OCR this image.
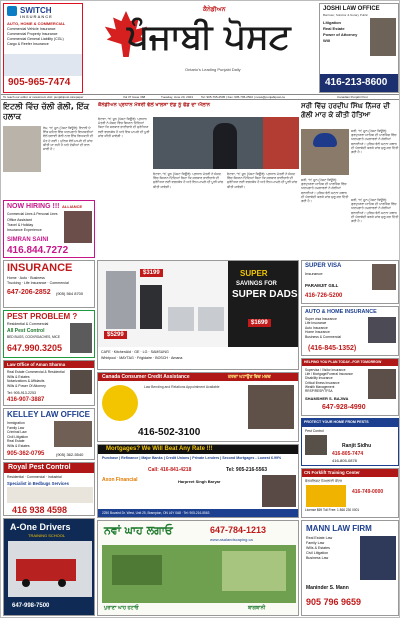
SWITCH
INSURANCE
AUTO, HOME & COMMERCIAL
Commercial Vehicle Insurance
Commercial Property Insurance
Commercial General Liability (CGL)
Cargo & Reefer Insurance
905-965-7474
ਕੈਨੇਡੀਅਨ
ਪੰਜਾਬੀ ਪੋਸਟ
Ontario's Leading Punjabi Daily
JOSHI LAW OFFICE
Barrister, Solicitor & Notary Public
Litigation
Real Estate
Power of Attorney
Will
416-213-8600
To reach our editor or newsroom visit: punjabipost.ca/epaper	Vol 37 Issue 368	Tuesday, June 20, 2023	Tel: 905-795-2505 | Fax: 905-795-2502 | news@punjabipost.ca	Canadian Punjabi Post
ਇਟਲੀ ਵਿੱਚ ਚੱਲੀ ਗੋਲੀ, ਇੱਕ ਹਲਾਕ
ਰੋਮ, ੧੯ ਜੂਨ (ਪੋਸਟ ਬਿਊਰੋ): ਇਟਲੀ ਦੇ ਇੱਕ ਸ਼ਹਿਰ ਵਿੱਚ ਅਣਪਛਾਤੇ ਵਿਅਕਤੀਆਂ ਵੱਲੋਂ ਚਲਾਈ ਗੋਲੀ ਨਾਲ ਇੱਕ ਵਿਅਕਤੀ ਦੀ ਮੌਤ ਹੋ ਗਈ। ਪੁਲਿਸ ਵੱਲੋਂ ਮਾਮਲੇ ਦੀ ਜਾਂਚ ਕੀਤੀ ਜਾ ਰਹੀ ਹੈ ਅਤੇ ਦੋਸ਼ੀਆਂ ਦੀ ਭਾਲ ਜਾਰੀ ਹੈ।
ਕੈਨੇਡੀਅਨ ਪ੍ਰਧਾਨ ਮੰਤਰੀ ਵੱਲੋਂ ਖਾਲਸਾ ਏਡ ਨੂੰ ਫੰਡ ਦਾ ਐਲਾਨ
ਓਟਵਾ, ੧੯ ਜੂਨ (ਪੋਸਟ ਬਿਊਰੋ): ਪ੍ਰਧਾਨ ਮੰਤਰੀ ਨੇ ਸੰਸਦ ਵਿੱਚ ਬਿਆਨ ਦਿੰਦਿਆਂ ਕਿਹਾ ਕਿ ਸਰਕਾਰ ਭਾਈਚਾਰੇ ਦੀ ਸੁਰੱਖਿਆ ਲਈ ਵਚਨਬੱਧ ਹੈ ਅਤੇ ਇਸ ਮਾਮਲੇ ਦੀ ਪੂਰੀ ਜਾਂਚ ਕੀਤੀ ਜਾਵੇਗੀ।
ਓਟਵਾ, ੧੯ ਜੂਨ (ਪੋਸਟ ਬਿਊਰੋ): ਪ੍ਰਧਾਨ ਮੰਤਰੀ ਨੇ ਸੰਸਦ ਵਿੱਚ ਬਿਆਨ ਦਿੰਦਿਆਂ ਕਿਹਾ ਕਿ ਸਰਕਾਰ ਭਾਈਚਾਰੇ ਦੀ ਸੁਰੱਖਿਆ ਲਈ ਵਚਨਬੱਧ ਹੈ ਅਤੇ ਇਸ ਮਾਮਲੇ ਦੀ ਪੂਰੀ ਜਾਂਚ ਕੀਤੀ ਜਾਵੇਗੀ।
ਓਟਵਾ, ੧੯ ਜੂਨ (ਪੋਸਟ ਬਿਊਰੋ): ਪ੍ਰਧਾਨ ਮੰਤਰੀ ਨੇ ਸੰਸਦ ਵਿੱਚ ਬਿਆਨ ਦਿੰਦਿਆਂ ਕਿਹਾ ਕਿ ਸਰਕਾਰ ਭਾਈਚਾਰੇ ਦੀ ਸੁਰੱਖਿਆ ਲਈ ਵਚਨਬੱਧ ਹੈ ਅਤੇ ਇਸ ਮਾਮਲੇ ਦੀ ਪੂਰੀ ਜਾਂਚ ਕੀਤੀ ਜਾਵੇਗੀ।
ਸਰੀ ਵਿੱਚ ਹਰਦੀਪ ਸਿੰਘ ਨਿੱਜਰ ਦੀ ਗੋਲੀ ਮਾਰ ਕੇ ਕੀਤੀ ਹੱਤਿਆ
ਸਰੀ, ੧੯ ਜੂਨ (ਪੋਸਟ ਬਿਊਰੋ): ਗੁਰਦੁਆਰਾ ਸਾਹਿਬ ਦੀ ਪਾਰਕਿੰਗ ਵਿੱਚ ਅਣਪਛਾਤੇ ਹਮਲਾਵਰਾਂ ਨੇ ਗੋਲੀਆਂ ਚਲਾਈਆਂ। ਪੁਲਿਸ ਵੱਲੋਂ ਘਟਨਾ ਸਥਾਨ ਦੀ ਘੇਰਾਬੰਦੀ ਕਰਕੇ ਜਾਂਚ ਸ਼ੁਰੂ ਕਰ ਦਿੱਤੀ ਗਈ ਹੈ।
ਸਰੀ, ੧੯ ਜੂਨ (ਪੋਸਟ ਬਿਊਰੋ): ਗੁਰਦੁਆਰਾ ਸਾਹਿਬ ਦੀ ਪਾਰਕਿੰਗ ਵਿੱਚ ਅਣਪਛਾਤੇ ਹਮਲਾਵਰਾਂ ਨੇ ਗੋਲੀਆਂ ਚਲਾਈਆਂ। ਪੁਲਿਸ ਵੱਲੋਂ ਘਟਨਾ ਸਥਾਨ ਦੀ ਘੇਰਾਬੰਦੀ ਕਰਕੇ ਜਾਂਚ ਸ਼ੁਰੂ ਕਰ ਦਿੱਤੀ ਗਈ ਹੈ।	ਸਰੀ, ੧੯ ਜੂਨ (ਪੋਸਟ ਬਿਊਰੋ): ਗੁਰਦੁਆਰਾ ਸਾਹਿਬ ਦੀ ਪਾਰਕਿੰਗ ਵਿੱਚ ਅਣਪਛਾਤੇ ਹਮਲਾਵਰਾਂ ਨੇ ਗੋਲੀਆਂ ਚਲਾਈਆਂ। ਪੁਲਿਸ ਵੱਲੋਂ ਘਟਨਾ ਸਥਾਨ ਦੀ ਘੇਰਾਬੰਦੀ ਕਰਕੇ ਜਾਂਚ ਸ਼ੁਰੂ ਕਰ ਦਿੱਤੀ ਗਈ ਹੈ।
NOW HIRING !!! ALLIANCE
Commercial Lines & Personal Lines
Office Assistant
Travel & Holiday
Insurance Experience
SIMRAN SAINI
416.844.7272
INSURANCE
Home · Auto · Business
Trucking · Life Insurance · Commercial
647-206-2852 (905) 564 8700
PEST PROBLEM ?
Residential & Commercial
All Pest Control
BED BUGS, COCKROACHES, MICE
647.990.3205
Law Office of Aman Sharma
Real Estate Commercial & Residential
Wills & Estates
Notarizations & Affidavits
Wills & Power Of Attorney
Tel: 905-913-2253
416-907-3887
KELLEY LAW OFFICE
Immigration
Family Law
Criminal Law
Civil Litigation
Real Estate
Wills & Estates
905-362-0795	(905) 362-5540
Royal Pest Control
Residential · Commercial · Industrial
Specialist in Bedbugs Services
416 938 4598
A-One Drivers
TRAINING SCHOOL
647-998-7500
$3199
$5299
SUPER
SAVINGS FOR
SUPER DADS
$1699
CAFE · KitchenAid · GE · LG · SAMSUNG
Whirlpool · MAYTAG · Frigidaire · BOSCH · Amana
SUPER VISA
Insurance
PARAMJIT GILL
416-726-5200
AUTO & HOME INSURANCE
Super visa Insurance
Life Insurance
Auto Insurance
Home Insurance
Business & Commercial
(416-845-1352)
HELPING YOU PLAN TODAY...FOR TOMORROW
Supervisa / Visitor Insurance
Life / Mortgage/Funeral Insurance
Disability Insurance
Critical Illness Insurance
Wealth Management
RRSP/RESP/TFSA
SHAMSHER S. BAJWA
647-928-4990
Canada Consumer Credit Assistance	ਕਰਜ਼ਾ ਘਟਾਉਣ ਵਿਚ ਮਦਦ
Law Bending and Relations Appointment Available
416-502-3100
PROTECT YOUR HOME FROM PESTS
Pest Control
Ranjit Sidhu
416-805-7474
416-805-0878
Mortgages? We Will Beat Any Rate !!!
Purchase | Refinance | Major Banks | Credit Unions | Private Lenders | Second Mortgages - Lowest 6.99%
Call: 416-841-4218	Tel: 905-216-5563
Axon Financial	Harpreet Singh Baryar
2250 Bovaird Dr. West, Unit 25, Brampton, ON L6Y 0A8 · Tel: 905-216-5563
CN Forklift Training Center
ਫੋਰਕਲਿਫਟ ਸਿਖਲਾਈ ਕੇਂਦਰ
License $69 Toll Free: 1 866 230 0001
416-749-0000
ਨਵਾਂ ਘਾਹ ਲਗਾਓ	647-784-1213
www.asalandscaping.ca
ਪੁਰਾਣਾ ਘਾਹ ਹਟਾਓ	ਬਾਗਬਾਨੀ
MANN LAW FIRM
Real Estate Law
Family Law
Wills & Estates
Civil Litigation
Business Law
Maninder S. Mann
905 796 9659
